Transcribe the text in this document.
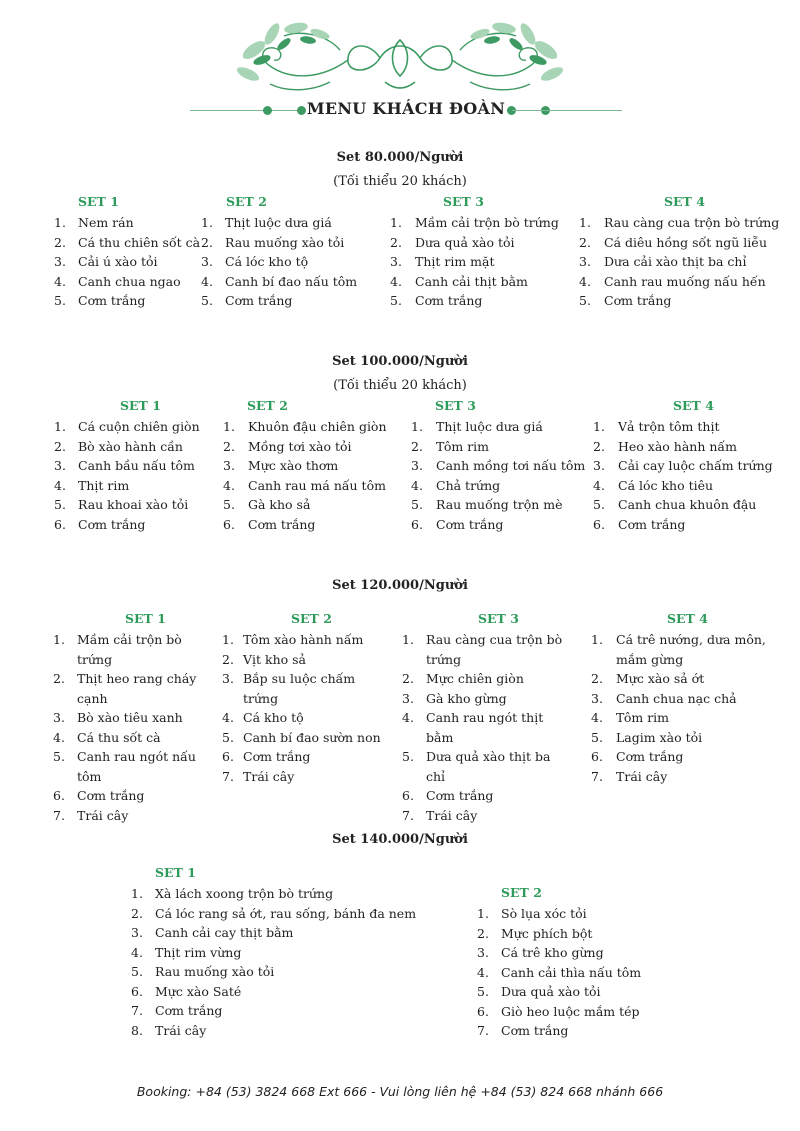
MENU KHÁCH ĐOÀN
Set 80.000/Người
(Tối thiểu 20 khách)
SET 1
1. Nem rán
2. Cá thu chiên sốt cà
3. Cải ú xào tỏi
4. Canh chua ngao
5. Cơm trắng
SET 2
1. Thịt luộc dưa giá
2. Rau muống xào tỏi
3. Cá lóc kho tộ
4. Canh bí đao nấu tôm
5. Cơm trắng
SET 3
1. Mầm cải trộn bò trứng
2. Dưa quả xào tỏi
3. Thịt rim mặt
4. Canh cải thịt bằm
5. Cơm trắng
SET 4
1. Rau càng cua trộn bò trứng
2. Cá diêu hồng sốt ngũ liễu
3. Dưa cải xào thịt ba chỉ
4. Canh rau muống nấu hến
5. Cơm trắng
Set 100.000/Người
(Tối thiểu 20 khách)
SET 1
1. Cá cuộn chiên giòn
2. Bò xào hành cần
3. Canh bầu nấu tôm
4. Thịt rim
5. Rau khoai xào tỏi
6. Cơm trắng
SET 2
1. Khuôn đậu chiên giòn
2. Mồng tơi xào tỏi
3. Mực xào thơm
4. Canh rau má nấu tôm
5. Gà kho sả
6. Cơm trắng
SET 3
1. Thịt luộc dưa giá
2. Tôm rim
3. Canh mồng tơi nấu tôm
4. Chả trứng
5. Rau muống trộn mè
6. Cơm trắng
SET 4
1. Vả trộn tôm thịt
2. Heo xào hành nấm
3. Cải cay luộc chấm trứng
4. Cá lóc kho tiêu
5. Canh chua khuôn đậu
6. Cơm trắng
Set 120.000/Người
SET 1
1. Mầm cải trộn bò trứng
2. Thịt heo rang cháy cạnh
3. Bò xào tiêu xanh
4. Cá thu sốt cà
5. Canh rau ngót nấu tôm
6. Cơm trắng
7. Trái cây
SET 2
1. Tôm xào hành nấm
2. Vịt kho sả
3. Bắp su luộc chấm trứng
4. Cá kho tộ
5. Canh bí đao sườn non
6. Cơm trắng
7. Trái cây
SET 3
1. Rau càng cua trộn bò trứng
2. Mực chiên giòn
3. Gà kho gừng
4. Canh rau ngót thịt bằm
5. Dưa quả xào thịt ba chỉ
6. Cơm trắng
7. Trái cây
SET 4
1. Cá trê nướng, dưa môn, mắm gừng
2. Mực xào sả ớt
3. Canh chua nạc chả
4. Tôm rim
5. Lagim xào tỏi
6. Cơm trắng
7. Trái cây
Set 140.000/Người
SET 1
1. Xà lách xoong trộn bò trứng
2. Cá lóc rang sả ớt, rau sống, bánh đa nem
3. Canh cải cay thịt bằm
4. Thịt rim vừng
5. Rau muống xào tỏi
6. Mực xào Saté
7. Cơm trắng
8. Trái cây
SET 2
1. Sò lụa xóc tỏi
2. Mực phích bột
3. Cá trê kho gừng
4. Canh cải thìa nấu tôm
5. Dưa quả xào tỏi
6. Giò heo luộc mắm tép
7. Cơm trắng
Booking: +84 (53) 3824 668 Ext 666 - Vui lòng liên hệ +84 (53) 824 668 nhánh 666
